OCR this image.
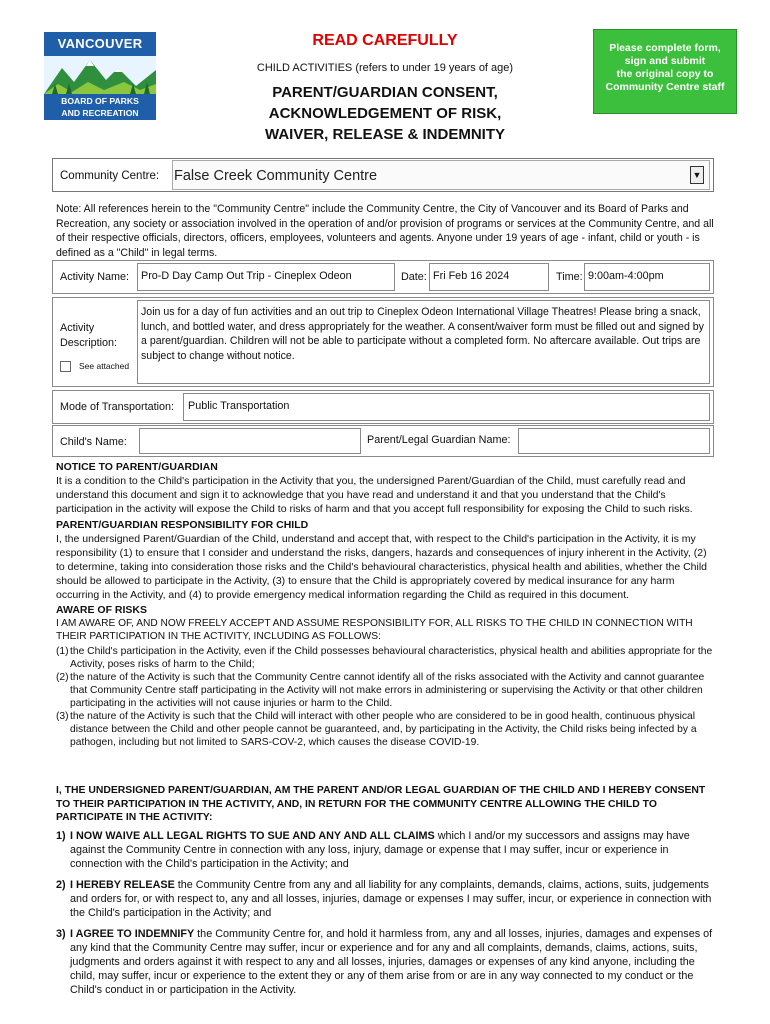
VANCOUVER
BOARD OF PARKS
AND RECREATION
READ CAREFULLY
CHILD ACTIVITIES (refers to under 19 years of age)
PARENT/GUARDIAN CONSENT,
ACKNOWLEDGEMENT OF RISK,
WAIVER, RELEASE & INDEMNITY
Please complete form,
sign and submit
the original copy to
Community Centre staff
Community Centre: False Creek Community Centre	▼
Note: All references herein to the "Community Centre" include the Community Centre, the City of Vancouver and its Board of Parks and Recreation, any society or association involved in the operation of and/or provision of programs or services at the Community Centre, and all of their respective officials, directors, officers, employees, volunteers and agents. Anyone under 19 years of age - infant, child or youth - is defined as a "Child" in legal terms.
Activity Name: Pro-D Day Camp Out Trip - Cineplex Odeon	Date: Fri Feb 16 2024	Time: 9:00am-4:00pm
Activity
Description:
See attached
Join us for a day of fun activities and an out trip to Cineplex Odeon International Village Theatres! Please bring a snack, lunch, and bottled water, and dress appropriately for the weather. A consent/waiver form must be filled out and signed by a parent/guardian. Children will not be able to participate without a completed form. No aftercare available. Out trips are subject to change without notice.
Mode of Transportation: Public Transportation
Child's Name:	Parent/Legal Guardian Name:
NOTICE TO PARENT/GUARDIAN
It is a condition to the Child's participation in the Activity that you, the undersigned Parent/Guardian of the Child, must carefully read and understand this document and sign it to acknowledge that you have read and understand it and that you understand that the Child's participation in the activity will expose the Child to risks of harm and that you accept full responsibility for exposing the Child to such risks.
PARENT/GUARDIAN RESPONSIBILITY FOR CHILD
I, the undersigned Parent/Guardian of the Child, understand and accept that, with respect to the Child's participation in the Activity, it is my responsibility (1) to ensure that I consider and understand the risks, dangers, hazards and consequences of injury inherent in the Activity, (2) to determine, taking into consideration those risks and the Child's behavioural characteristics, physical health and abilities, whether the Child should be allowed to participate in the Activity, (3) to ensure that the Child is appropriately covered by medical insurance for any harm occurring in the Activity, and (4) to provide emergency medical information regarding the Child as required in this document.
AWARE OF RISKS
I AM AWARE OF, AND NOW FREELY ACCEPT AND ASSUME RESPONSIBILITY FOR, ALL RISKS TO THE CHILD IN CONNECTION WITH THEIR PARTICIPATION IN THE ACTIVITY, INCLUDING AS FOLLOWS:
(1) the Child's participation in the Activity, even if the Child possesses behavioural characteristics, physical health and abilities appropriate for the Activity, poses risks of harm to the Child;
(2) the nature of the Activity is such that the Community Centre cannot identify all of the risks associated with the Activity and cannot guarantee that Community Centre staff participating in the Activity will not make errors in administering or supervising the Activity or that other children participating in the activities will not cause injuries or harm to the Child.
(3) the nature of the Activity is such that the Child will interact with other people who are considered to be in good health, continuous physical distance between the Child and other people cannot be guaranteed, and, by participating in the Activity, the Child risks being infected by a pathogen, including but not limited to SARS-COV-2, which causes the disease COVID-19.
I, THE UNDERSIGNED PARENT/GUARDIAN, AM THE PARENT AND/OR LEGAL GUARDIAN OF THE CHILD AND I HEREBY CONSENT TO THEIR PARTICIPATION IN THE ACTIVITY, AND, IN RETURN FOR THE COMMUNITY CENTRE ALLOWING THE CHILD TO PARTICIPATE IN THE ACTIVITY:
1) I NOW WAIVE ALL LEGAL RIGHTS TO SUE AND ANY AND ALL CLAIMS which I and/or my successors and assigns may have against the Community Centre in connection with any loss, injury, damage or expense that I may suffer, incur or experience in connection with the Child's participation in the Activity; and
2) I HEREBY RELEASE the Community Centre from any and all liability for any complaints, demands, claims, actions, suits, judgements and orders for, or with respect to, any and all losses, injuries, damage or expenses I may suffer, incur, or experience in connection with the Child's participation in the Activity; and
3) I AGREE TO INDEMNIFY the Community Centre for, and hold it harmless from, any and all losses, injuries, damages and expenses of any kind that the Community Centre may suffer, incur or experience and for any and all complaints, demands, claims, actions, suits, judgments and orders against it with respect to any and all losses, injuries, damages or expenses of any kind anyone, including the child, may suffer, incur or experience to the extent they or any of them arise from or are in any way connected to my conduct or the Child's conduct in or participation in the Activity.
